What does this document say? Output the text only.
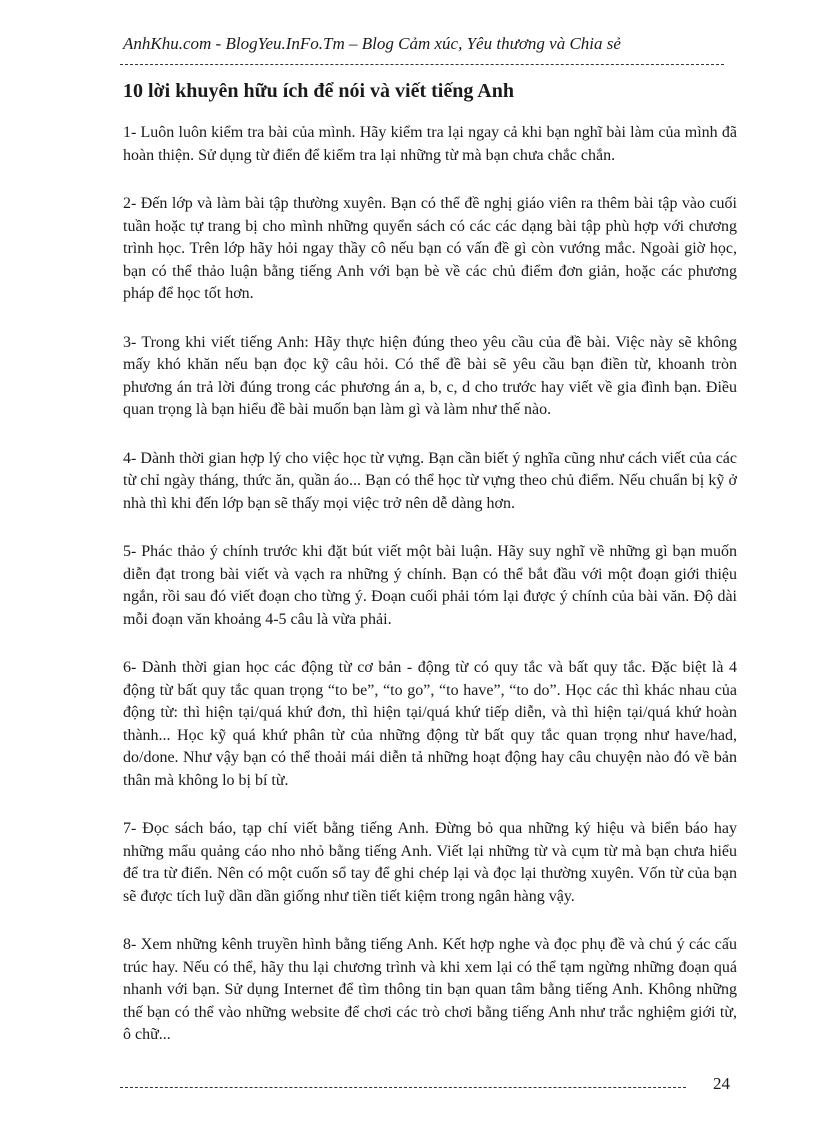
AnhKhu.com - BlogYeu.InFo.Tm – Blog Cảm xúc, Yêu thương và Chia sẻ
10 lời khuyên hữu ích để nói và viết tiếng Anh

1- Luôn luôn kiểm tra bài của mình. Hãy kiểm tra lại ngay cả khi bạn nghĩ bài làm của mình đã hoàn thiện. Sử dụng từ điển để kiểm tra lại những từ mà bạn chưa chắc chắn.

2- Đến lớp và làm bài tập thường xuyên. Bạn có thể đề nghị giáo viên ra thêm bài tập vào cuối tuần hoặc tự trang bị cho mình những quyển sách có các các dạng bài tập phù hợp với chương trình học. Trên lớp hãy hỏi ngay thầy cô nếu bạn có vấn đề gì còn vướng mắc. Ngoài giờ học, bạn có thể thảo luận bằng tiếng Anh với bạn bè về các chủ điểm đơn giản, hoặc các phương pháp để học tốt hơn.

3- Trong khi viết tiếng Anh: Hãy thực hiện đúng theo yêu cầu của đề bài. Việc này sẽ không mấy khó khăn nếu bạn đọc kỹ câu hỏi. Có thể đề bài sẽ yêu cầu bạn điền từ, khoanh tròn phương án trả lời đúng trong các phương án a, b, c, d cho trước hay viết về gia đình bạn. Điều quan trọng là bạn hiểu đề bài muốn bạn làm gì và làm như thế nào.

4- Dành thời gian hợp lý cho việc học từ vựng. Bạn cần biết ý nghĩa cũng như cách viết của các từ chỉ ngày tháng, thức ăn, quần áo... Bạn có thể học từ vựng theo chủ điểm. Nếu chuẩn bị kỹ ở nhà thì khi đến lớp bạn sẽ thấy mọi việc trở nên dễ dàng hơn.

5- Phác thảo ý chính trước khi đặt bút viết một bài luận. Hãy suy nghĩ về những gì bạn muốn diễn đạt trong bài viết và vạch ra những ý chính. Bạn có thể bắt đầu với một đoạn giới thiệu ngắn, rồi sau đó viết đoạn cho từng ý. Đoạn cuối phải tóm lại được ý chính của bài văn. Độ dài mỗi đoạn văn khoảng 4-5 câu là vừa phải.

6- Dành thời gian học các động từ cơ bản - động từ có quy tắc và bất quy tắc. Đặc biệt là 4 động từ bất quy tắc quan trọng “to be”, “to go”, “to have”, “to do”. Học các thì khác nhau của động từ: thì hiện tại/quá khứ đơn, thì hiện tại/quá khứ tiếp diễn, và thì hiện tại/quá khứ hoàn thành... Học kỹ quá khứ phân từ của những động từ bất quy tắc quan trọng như have/had, do/done. Như vậy bạn có thể thoải mái diễn tả những hoạt động hay câu chuyện nào đó về bản thân mà không lo bị bí từ.

7- Đọc sách báo, tạp chí viết bằng tiếng Anh. Đừng bỏ qua những ký hiệu và biển báo hay những mẩu quảng cáo nho nhỏ bằng tiếng Anh. Viết lại những từ và cụm từ mà bạn chưa hiểu để tra từ điển. Nên có một cuốn sổ tay để ghi chép lại và đọc lại thường xuyên. Vốn từ của bạn sẽ được tích luỹ dần dần giống như tiền tiết kiệm trong ngân hàng vậy.

8- Xem những kênh truyền hình bằng tiếng Anh. Kết hợp nghe và đọc phụ đề và chú ý các cấu trúc hay. Nếu có thể, hãy thu lại chương trình và khi xem lại có thể tạm ngừng những đoạn quá nhanh với bạn. Sử dụng Internet để tìm thông tin bạn quan tâm bằng tiếng Anh. Không những thế bạn có thể vào những website để chơi các trò chơi bằng tiếng Anh như trắc nghiệm giới từ, ô chữ...

24
